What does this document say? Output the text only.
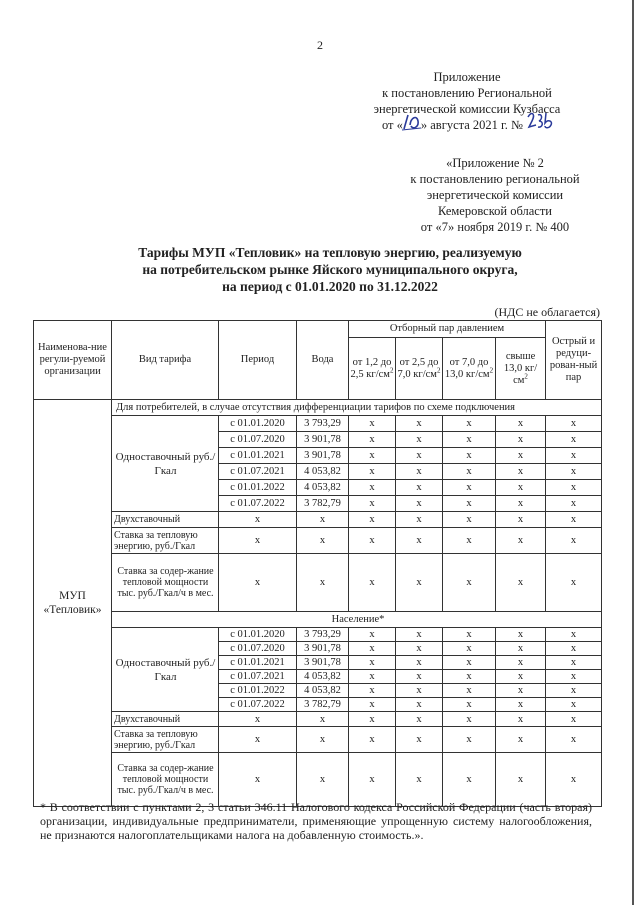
2
Приложение
к постановлению Региональной
энергетической комиссии Кузбасса
от « » августа 2021 г. №
«Приложение № 2
к постановлению региональной
энергетической комиссии
Кемеровской области
от «7» ноября 2019 г. № 400
Тарифы МУП «Тепловик» на тепловую энергию, реализуемую
на потребительском рынке Яйского муниципального округа,
на период с 01.01.2020 по 31.12.2022
(НДС не облагается)
Наименова-ние регули-руемой организации	Вид тарифа	Период	Вода	Отборный пар давлением				Острый и редуци-рован-ный пар
				от 1,2 до 2,5 $кг/см^2$	от 2,5 до 7,0 $кг/см^2$	от 7,0 до 13,0 $кг/см^2$	свыше 13,0 $кг/см^2$
МУП «Тепловик»	Для потребителей, в случае отсутствия дифференциации тарифов по схеме подключения							
	Одноставочный руб./Гкал	с 01.01.2020	3 793,29	х	х	х	х	х
		с 01.07.2020	3 901,78	х	х	х	х	х
		с 01.01.2021	3 901,78	х	х	х	х	х
		с 01.07.2021	4 053,82	х	х	х	х	х
		с 01.01.2022	4 053,82	х	х	х	х	х
		с 01.07.2022	3 782,79	х	х	х	х	х
	Двухставочный	х	х	х	х	х	х	х
	Ставка за тепловую энергию, руб./Гкал	х	х	х	х	х	х	х
	Ставка за содер-жание тепловой мощности тыс. руб./Гкал/ч в мес.	х	х	х	х	х	х	х
	Население*							
	Одноставочный руб./Гкал	с 01.01.2020	3 793,29	х	х	х	х	х
		с 01.07.2020	3 901,78	х	х	х	х	х
		с 01.01.2021	3 901,78	х	х	х	х	х
		с 01.07.2021	4 053,82	х	х	х	х	х
		с 01.01.2022	4 053,82	х	х	х	х	х
		с 01.07.2022	3 782,79	х	х	х	х	х
	Двухставочный	х	х	х	х	х	х	х
	Ставка за тепловую энергию, руб./Гкал	х	х	х	х	х	х	х
	Ставка за содер-жание тепловой мощности тыс. руб./Гкал/ч в мес.	х	х	х	х	х	х	х
* В соответствии с пунктами 2, 3 статьи 346.11 Налогового кодекса Российской Федерации (часть вторая) организации, индивидуальные предприниматели, применяющие упрощенную систему налогообложения, не признаются налогоплательщиками налога на добавленную стоимость.».
